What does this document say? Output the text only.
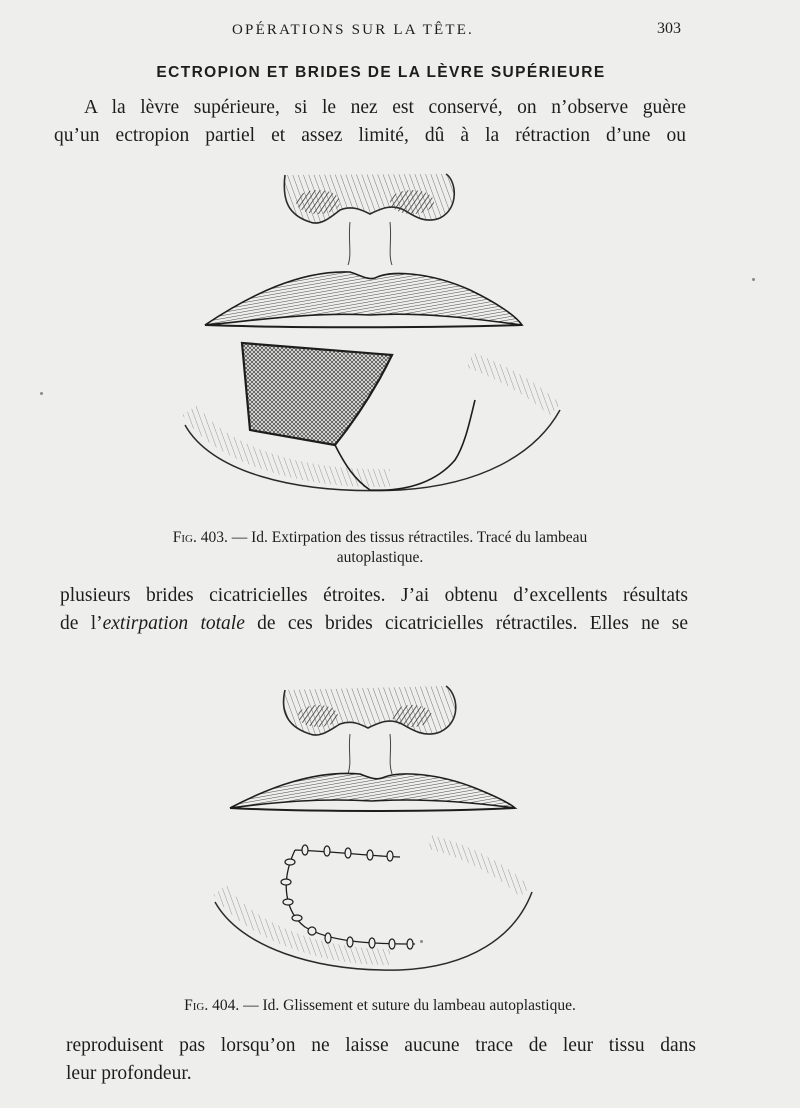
OPÉRATIONS SUR LA TÊTE.	303
ECTROPION ET BRIDES DE LA LÈVRE SUPÉRIEURE
A la lèvre supérieure, si le nez est conservé, on n’observe guère
qu’un ectropion partiel et assez limité, dû à la rétraction d’une ou
Fig. 403. — Id. Extirpation des tissus rétractiles. Tracé du lambeau
autoplastique.
plusieurs brides cicatricielles étroites. J’ai obtenu d’excellents résultats
de l’extirpation totale de ces brides cicatricielles rétractiles. Elles ne se
Fig. 404. — Id. Glissement et suture du lambeau autoplastique.
reproduisent pas lorsqu’on ne laisse aucune trace de leur tissu dans
leur profondeur.
